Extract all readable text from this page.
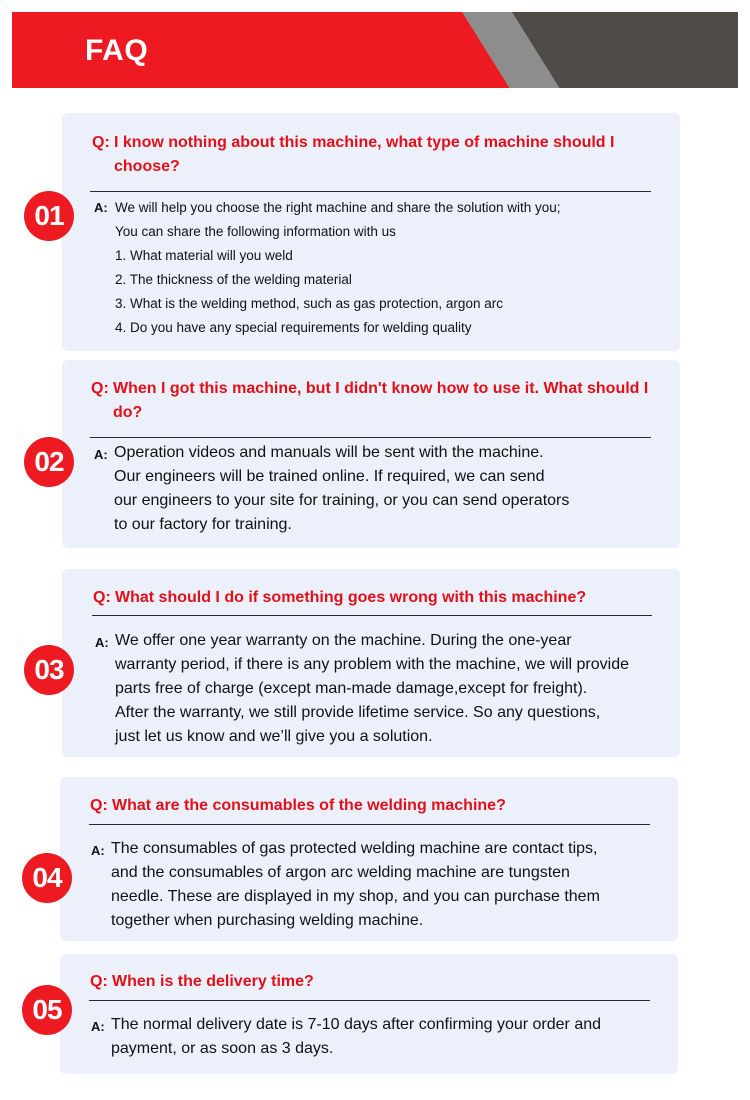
FAQ
01
Q: I know nothing about this machine, what type of machine should I choose?
A: We will help you choose the right machine and share the solution with you;
You can share the following information with us
1. What material will you weld
2. The thickness of the welding material
3. What is the welding method, such as gas protection, argon arc
4. Do you have any special requirements for welding quality
02
Q: When I got this machine, but I didn't know how to use it. What should I do?
A: Operation videos and manuals will be sent with the machine.
Our engineers will be trained online. If required, we can send
our engineers to your site for training, or you can send operators
to our factory for training.
03
Q: What should I do if something goes wrong with this machine?
A: We offer one year warranty on the machine. During the one-year
warranty period, if there is any problem with the machine, we will provide
parts free of charge (except man-made damage,except for freight).
After the warranty, we still provide lifetime service. So any questions,
just let us know and we’ll give you a solution.
04
Q: What are the consumables of the welding machine?
A: The consumables of gas protected welding machine are contact tips,
and the consumables of argon arc welding machine are tungsten
needle. These are displayed in my shop, and you can purchase them
together when purchasing welding machine.
05
Q: When is the delivery time?
A: The normal delivery date is 7-10 days after confirming your order and
payment, or as soon as 3 days.
